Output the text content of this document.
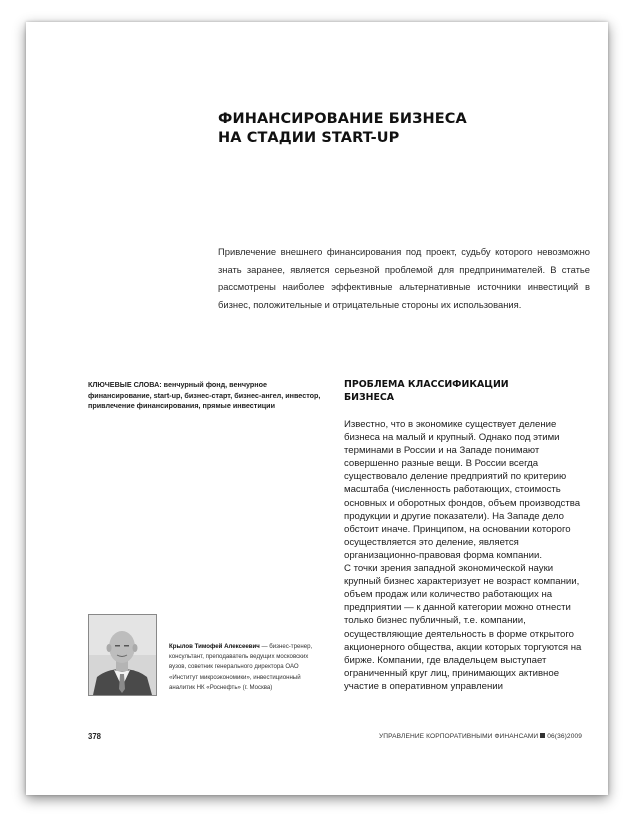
ФИНАНСИРОВАНИЕ БИЗНЕСА
НА СТАДИИ START-UP
Привлечение внешнего финансирования под проект, судьбу которого невозможно знать заранее, является серьезной проблемой для предпринимателей. В статье рассмотрены наиболее эффективные альтернативные источники инвестиций в бизнес, положительные и отрицательные стороны их использования.
КЛЮЧЕВЫЕ СЛОВА: венчурный фонд, венчурное финансирование, start-up, бизнес-старт, бизнес-ангел, инвестор, привлечение финансирования, прямые инвестиции
ПРОБЛЕМА КЛАССИФИКАЦИИ
БИЗНЕСА

Известно, что в экономике существует деление бизнеса на малый и крупный. Однако под этими терминами в России и на Западе понимают совершенно разные вещи. В России всегда существовало деление предприятий по критерию масштаба (численность работающих, стоимость основных и оборотных фондов, объем производства продукции и другие показатели). На Западе дело обстоит иначе. Принципом, на основании которого осуществляется это деление, является организационно-правовая форма компании.

С точки зрения западной экономической науки крупный бизнес характеризует не возраст компании, объем продаж или количество работающих на предприятии — к данной категории можно отнести только бизнес публичный, т.е. компании, осуществляющие деятельность в форме открытого акционерного общества, акции которых торгуются на бирже. Компании, где владельцем выступает ограниченный круг лиц, принимающих активное участие в оперативном управлении

Крылов Тимофей Алексеевич — бизнес-тренер, консультант, преподаватель ведущих московских вузов, советник генерального директора ОАО «Институт микроэкономики», инвестиционный аналитик НК «Роснефть» (г. Москва)
378	УПРАВЛЕНИЕ КОРПОРАТИВНЫМИ ФИНАНСАМИ 06(36)2009
